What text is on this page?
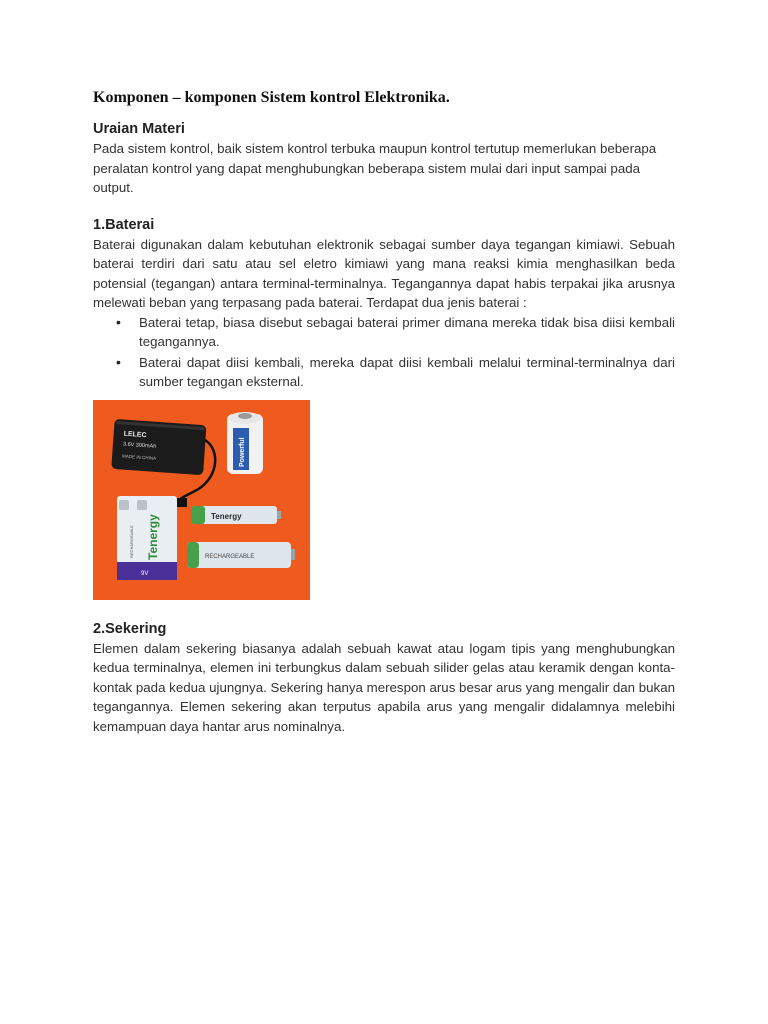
Komponen – komponen Sistem kontrol Elektronika.
Uraian Materi

Pada sistem kontrol, baik sistem kontrol terbuka maupun kontrol tertutup memerlukan beberapa peralatan kontrol yang dapat menghubungkan beberapa sistem mulai dari input sampai pada output.

1.Baterai

Baterai digunakan dalam kebutuhan elektronik sebagai sumber daya tegangan kimiawi. Sebuah baterai terdiri dari satu atau sel eletro kimiawi yang mana reaksi kimia menghasilkan beda potensial (tegangan) antara terminal-terminalnya. Tegangannya dapat habis terpakai jika arusnya melewati beban yang terpasang pada baterai. Terdapat dua jenis baterai :

• Baterai tetap, biasa disebut sebagai baterai primer dimana mereka tidak bisa diisi kembali tegangannya.
• Baterai dapat diisi kembali, mereka dapat diisi kembali melalui terminal-terminalnya dari sumber tegangan eksternal.
LELEC
3.6V 300mAh
MADE IN CHINA	Powerful
Tenergy
RECHARGEABLE
9V
Tenergy
RECHARGEABLE
2.Sekering

Elemen dalam sekering biasanya adalah sebuah kawat atau logam tipis yang menghubungkan kedua terminalnya, elemen ini terbungkus dalam sebuah silider gelas atau keramik dengan konta-kontak pada kedua ujungnya. Sekering hanya merespon arus besar arus yang mengalir dan bukan tegangannya. Elemen sekering akan terputus apabila arus yang mengalir didalamnya melebihi kemampuan daya hantar arus nominalnya.
